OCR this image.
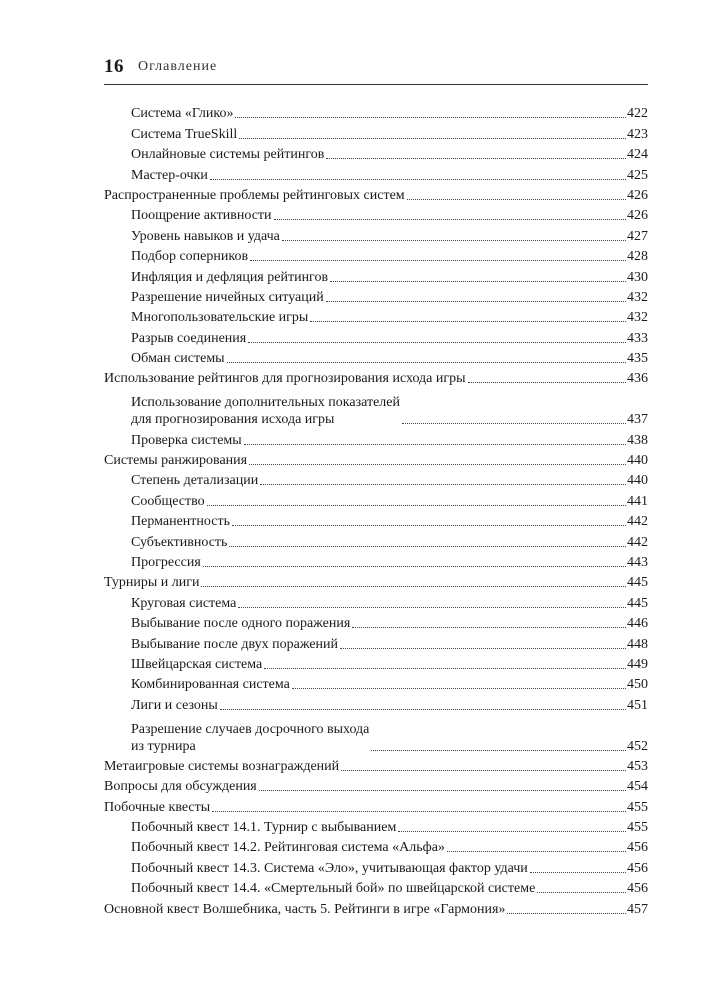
16 Оглавление
Система «Глико»	422
Система TrueSkill	423
Онлайновые системы рейтингов	424
Мастер-очки	425
Распространенные проблемы рейтинговых систем	426
Поощрение активности	426
Уровень навыков и удача	427
Подбор соперников	428
Инфляция и дефляция рейтингов	430
Разрешение ничейных ситуаций	432
Многопользовательские игры	432
Разрыв соединения	433
Обман системы	435
Использование рейтингов для прогнозирования исхода игры	436
Использование дополнительных показателей
для прогнозирования исхода игры	437
Проверка системы	438
Системы ранжирования	440
Степень детализации	440
Сообщество	441
Перманентность	442
Субъективность	442
Прогрессия	443
Турниры и лиги	445
Круговая система	445
Выбывание после одного поражения	446
Выбывание после двух поражений	448
Швейцарская система	449
Комбинированная система	450
Лиги и сезоны	451
Разрешение случаев досрочного выхода
из турнира	452
Метаигровые системы вознаграждений	453
Вопросы для обсуждения	454
Побочные квесты	455
Побочный квест 14.1. Турнир с выбыванием	455
Побочный квест 14.2. Рейтинговая система «Альфа»	456
Побочный квест 14.3. Система «Эло», учитывающая фактор удачи	456
Побочный квест 14.4. «Смертельный бой» по швейцарской системе	456
Основной квест Волшебника, часть 5. Рейтинги в игре «Гармония»	457
